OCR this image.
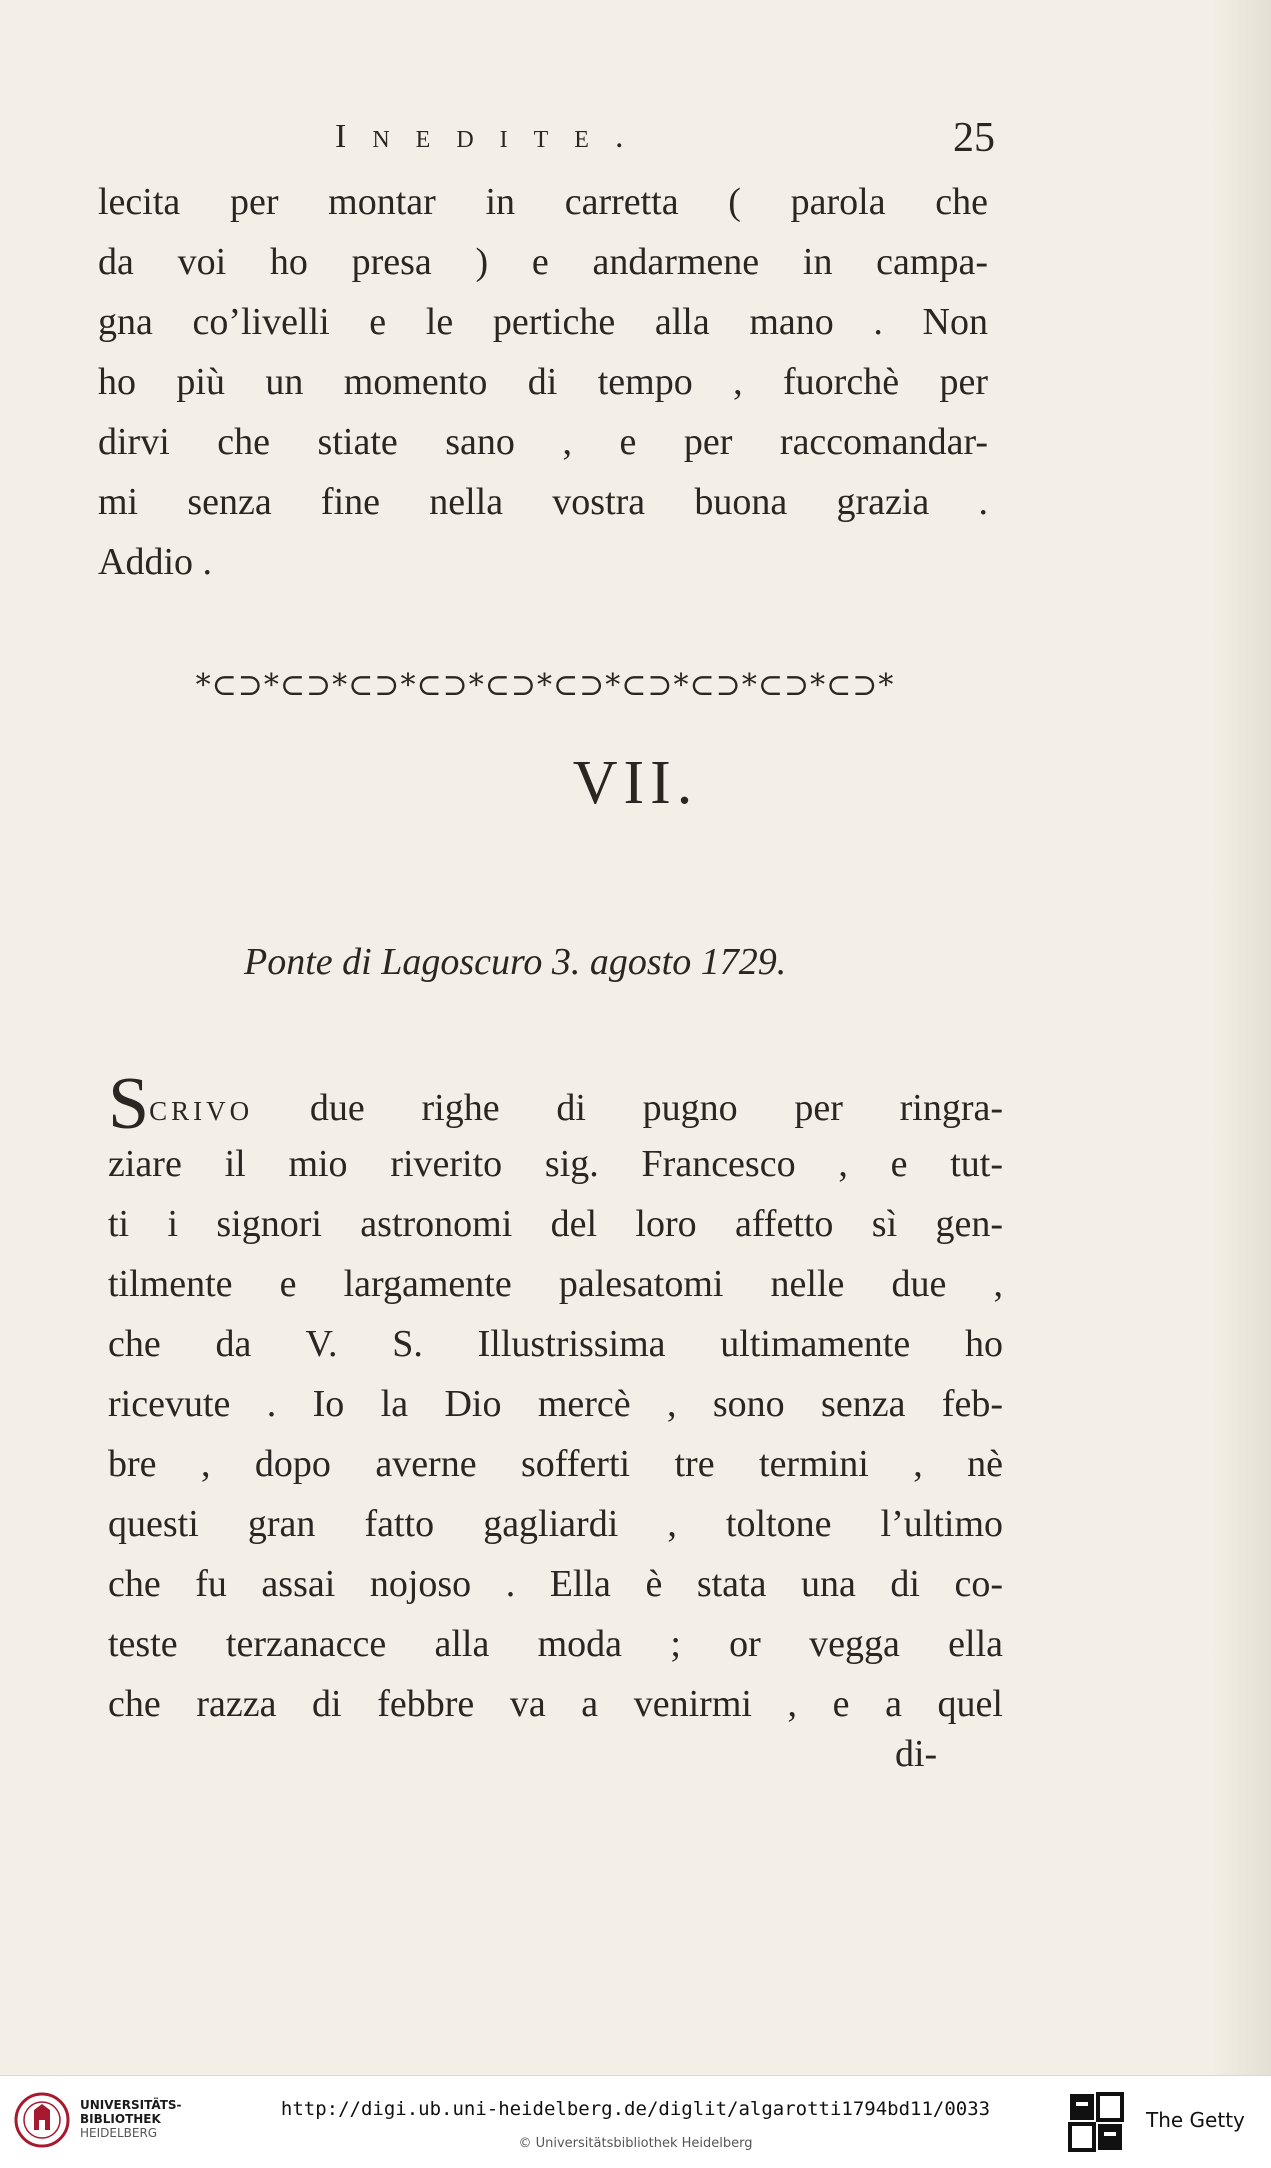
Inedite.	25
lecita per montar in carretta ( parola che
da voi ho presa ) e andarmene in campa-
gna co’livelli e le pertiche alla mano . Non
ho più un momento di tempo , fuorchè per
dirvi che stiate sano , e per raccomandar-
mi senza fine nella vostra buona grazia .
Addio .
*⊂⊃*⊂⊃*⊂⊃*⊂⊃*⊂⊃*⊂⊃*⊂⊃*⊂⊃*⊂⊃*⊂⊃*
VII.
Ponte di Lagoscuro 3. agosto 1729.
Scrivo due righe di pugno per ringra-
ziare il mio riverito sig. Francesco , e tut-
ti i signori astronomi del loro affetto sì gen-
tilmente e largamente palesatomi nelle due ,
che da V. S. Illustrissima ultimamente ho
ricevute . Io la Dio mercè , sono senza feb-
bre , dopo averne sofferti tre termini , nè
questi gran fatto gagliardi , toltone l’ultimo
che fu assai nojoso . Ella è stata una di co-
teste terzanacce alla moda ; or vegga ella
che razza di febbre va a venirmi , e a quel
di-
UNIVERSITÄTS-
BIBLIOTHEK
HEIDELBERG
http://digi.ub.uni-heidelberg.de/diglit/algarotti1794bd11/0033
© Universitätsbibliothek Heidelberg
The Getty
